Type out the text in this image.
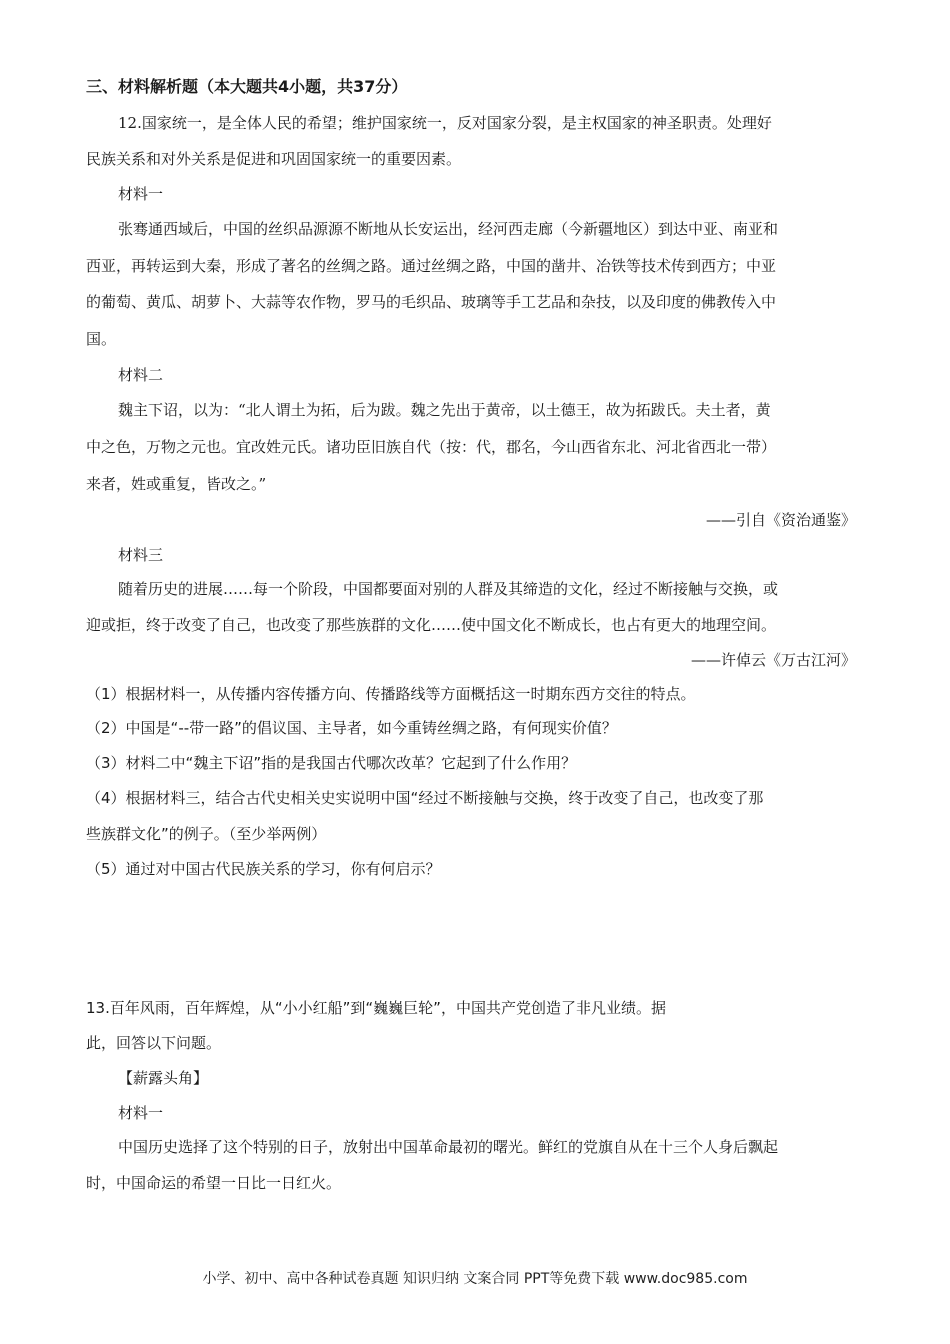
三、材料解析题（本大题共4小题，共37分）
12.国家统一，是全体人民的希望；维护国家统一，反对国家分裂，是主权国家的神圣职责。处理好
民族关系和对外关系是促进和巩固国家统一的重要因素。
材料一
张骞通西域后，中国的丝织品源源不断地从长安运出，经河西走廊（今新疆地区）到达中亚、南亚和
西亚，再转运到大秦，形成了著名的丝绸之路。通过丝绸之路，中国的凿井、冶铁等技术传到西方；中亚
的葡萄、黄瓜、胡萝卜、大蒜等农作物，罗马的毛织品、玻璃等手工艺品和杂技，以及印度的佛教传入中
国。
材料二
魏主下诏，以为：“北人谓土为拓，后为跋。魏之先出于黄帝，以土德王，故为拓跋氏。夫土者，黄
中之色，万物之元也。宜改姓元氏。诸功臣旧族自代（按：代，郡名，今山西省东北、河北省西北一带）
来者，姓或重复，皆改之。”
——引自《资治通鉴》
材料三
随着历史的进展……每一个阶段，中国都要面对别的人群及其缔造的文化，经过不断接触与交换，或
迎或拒，终于改变了自己，也改变了那些族群的文化……使中国文化不断成长，也占有更大的地理空间。
——许倬云《万古江河》
（1）根据材料一，从传播内容传播方向、传播路线等方面概括这一时期东西方交往的特点。
（2）中国是“--带一路”的倡议国、主导者，如今重铸丝绸之路，有何现实价值？
（3）材料二中“魏主下诏”指的是我国古代哪次改革？它起到了什么作用？
（4）根据材料三，结合古代史相关史实说明中国“经过不断接触与交换，终于改变了自己，也改变了那
些族群文化”的例子。（至少举两例）
（5）通过对中国古代民族关系的学习，你有何启示？
13.百年风雨，百年辉煌，从“小小红船”到“巍巍巨轮”，中国共产党创造了非凡业绩。据
此，回答以下问题。
【薪露头角】
材料一
中国历史选择了这个特别的日子，放射出中国革命最初的曙光。鲜红的党旗自从在十三个人身后飘起
时，中国命运的希望一日比一日红火。
小学、初中、高中各种试卷真题 知识归纳 文案合同 PPT等免费下载 www.doc985.com
